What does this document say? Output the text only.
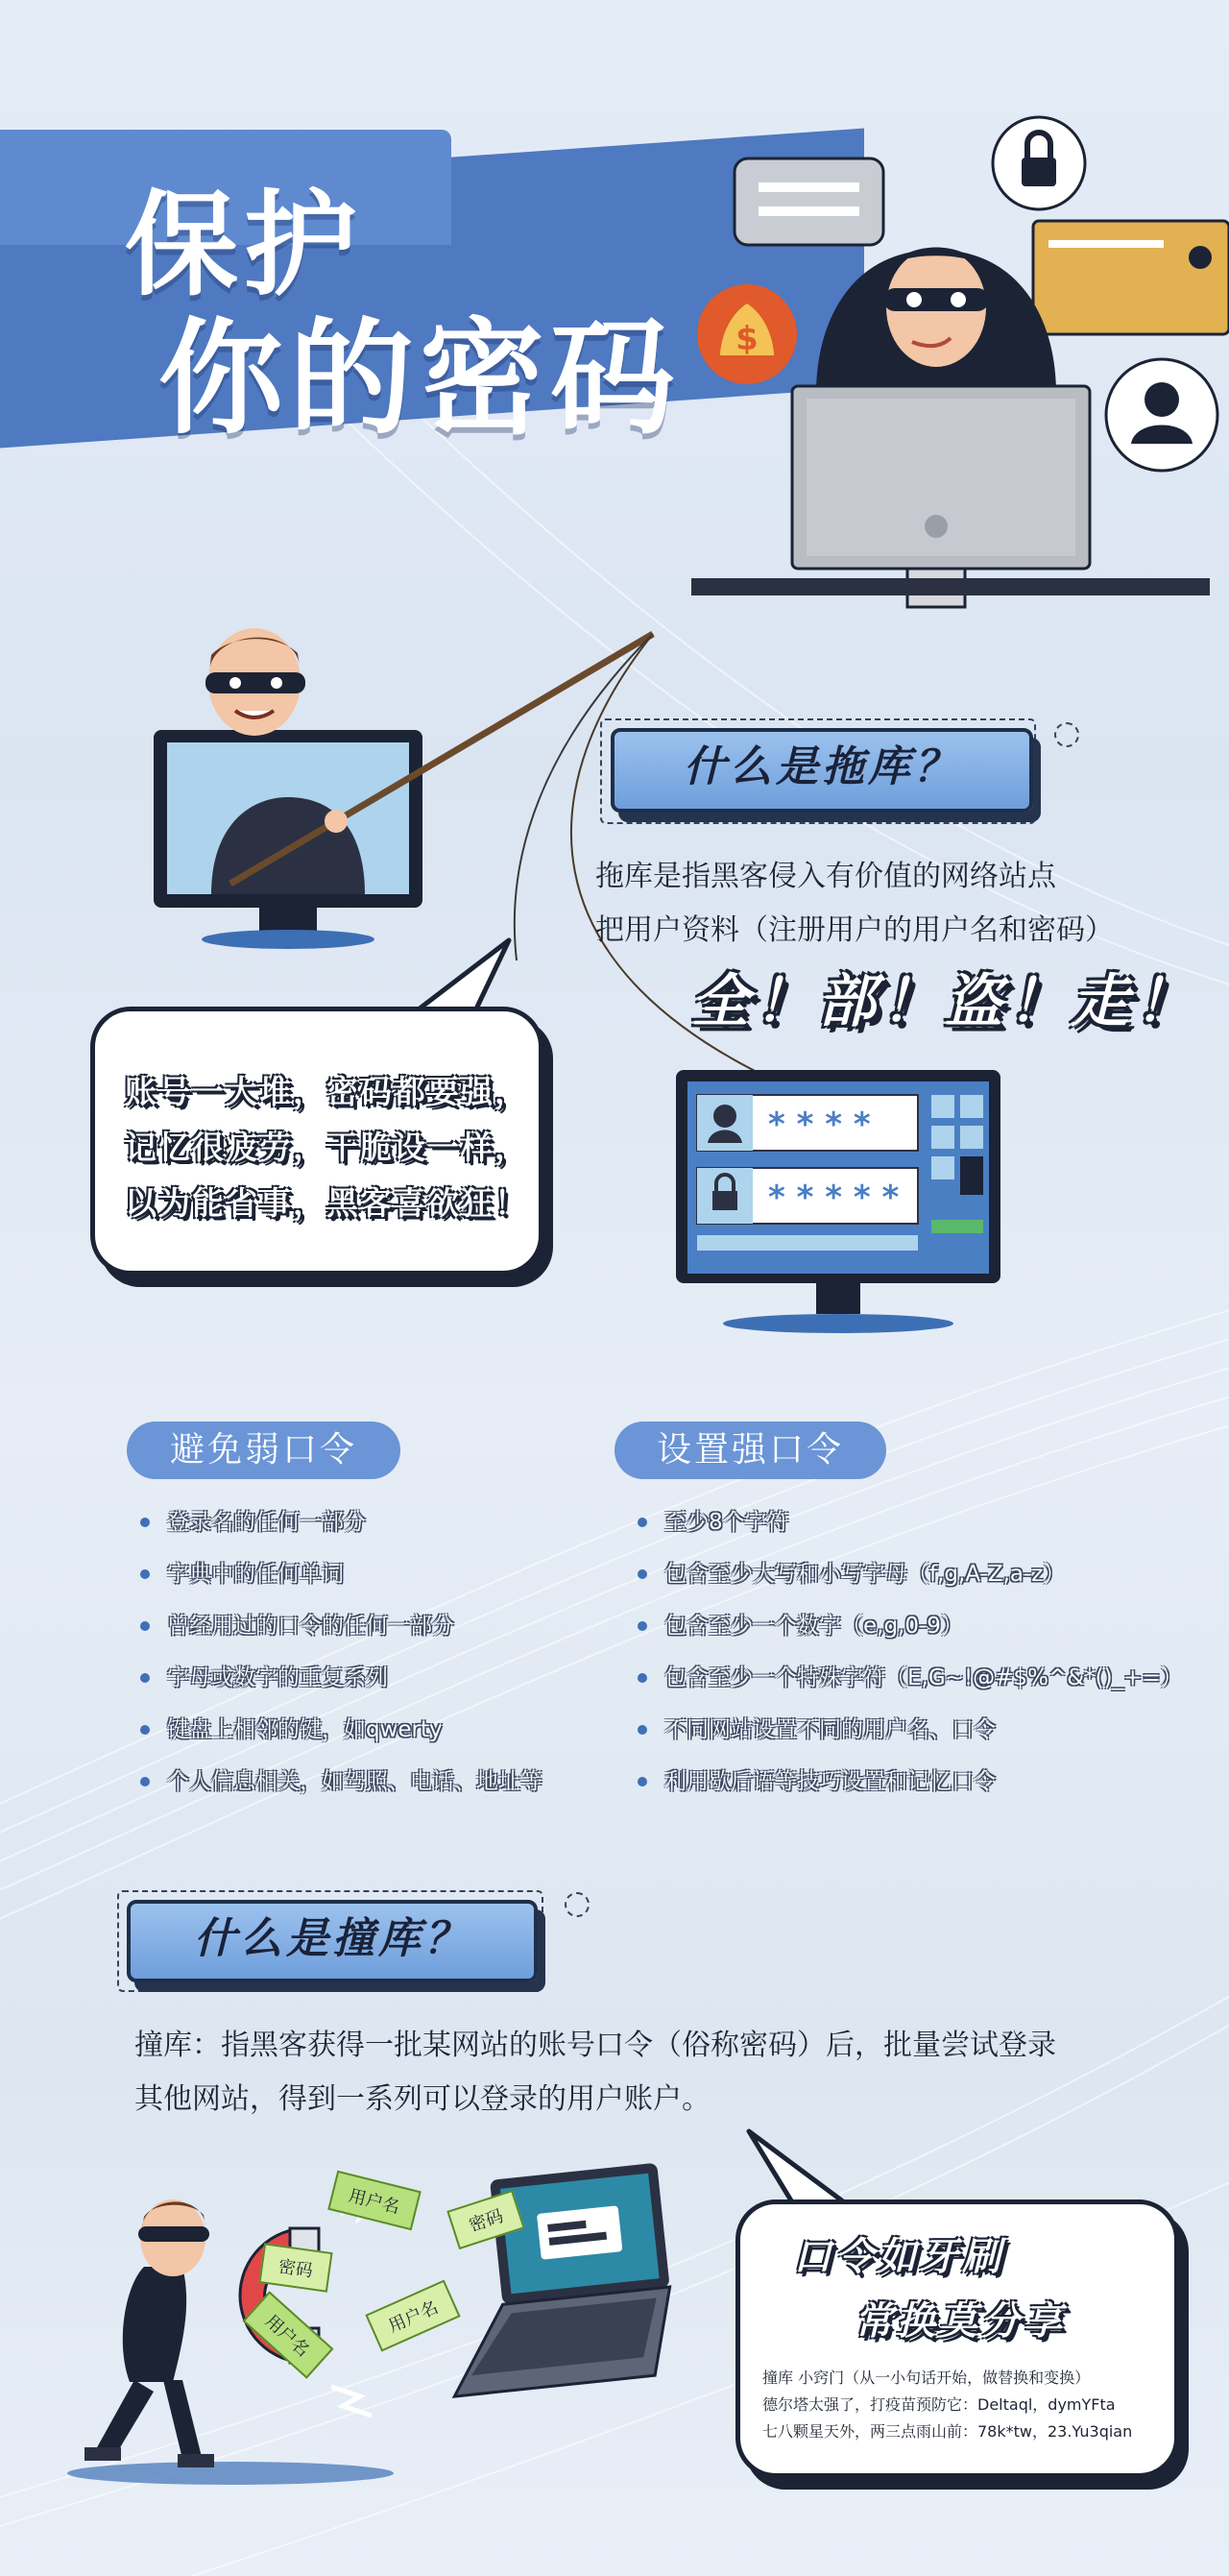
保护
你的密码 $
什么是拖库？
拖库是指黑客侵入有价值的网络站点
把用户资料（注册用户的用户名和密码）
全！部！盗！走！
账号一大堆，密码都要强，
记忆很疲劳，干脆设一样，
以为能省事，黑客喜欲狂！
* * * *
* * * * *
避免弱口令
登录名的任何一部分
字典中的任何单词
曾经用过的口令的任何一部分
字母或数字的重复系列
键盘上相邻的键，如qwerty
个人信息相关，如驾照、电话、地址等
设置强口令
至少8个字符
包含至少大写和小写字母（f,g,A-Z,a-z）
包含至少一个数字（e,g,0-9）
包含至少一个特殊字符（E,G~!@#$%^&*()_+=）
不同网站设置不同的用户名、口令
利用歇后语等技巧设置和记忆口令
什么是撞库？
撞库：指黑客获得一批某网站的账号口令（俗称密码）后，批量尝试登录
其他网站，得到一系列可以登录的用户账户。
用户名
密码
密码
用户名
用户名
口令如牙刷
常换莫分享
撞库 小窍门（从一小句话开始，做替换和变换）
德尔塔太强了，打疫苗预防它：Deltaql，dymYFta
七八颗星天外，两三点雨山前：78k*tw，23.Yu3qian
